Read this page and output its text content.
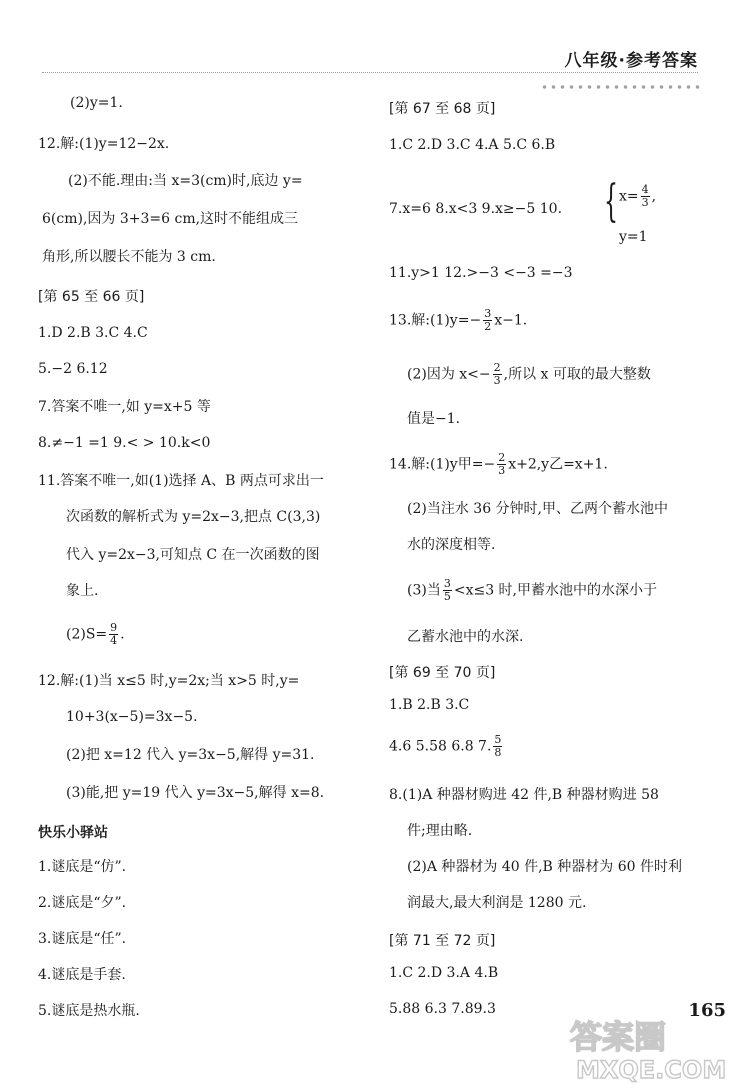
八年级·参考答案
(2)y=1.
12.解:(1)y=12−2x.
(2)不能.理由:当 x=3(cm)时,底边 y=
6(cm),因为 3+3=6 cm,这时不能组成三
角形,所以腰长不能为 3 cm.
[第 65 至 66 页]
1.D 2.B 3.C 4.C
5.−2 6.12
7.答案不唯一,如 y=x+5 等
8.≠−1 =1 9.< > 10.k<0
11.答案不唯一,如(1)选择 A、B 两点可求出一
次函数的解析式为 y=2x−3,把点 C(3,3)
代入 y=2x−3,可知点 C 在一次函数的图
象上.
$(2)S= \frac{9}{4}$ .
12.解:(1)当 x≤5 时,y=2x;当 x>5 时,y=
10+3(x−5)=3x−5.
(2)把 x=12 代入 y=3x−5,解得 y=31.
(3)能,把 y=19 代入 y=3x−5,解得 x=8.
快乐小驿站
1.谜底是“仿”.
2.谜底是“夕”.
3.谜底是“任”.
4.谜底是手套.
5.谜底是热水瓶.
[第 67 至 68 页]
1.C 2.D 3.C 4.A 5.C 6.B
7.x=6 8.x<3 9.x≥−5 10. { $x= \frac{4}{3}$ ,
y=1
11.y>1 12.>−3 <−3 =−3
13.解:(1)y=− $\frac{3}{2} x-1$.
(2)因为 $x<- \frac{2}{3}$ ,所以 x 可取的最大整数
值是−1.
14.解:(1)y甲=− $\frac{2}{3} x+2,y$乙=x+1.
(2)当注水 36 分钟时,甲、乙两个蓄水池中
水的深度相等.
(3)当 $\frac{3}{5} <x\le 3$ 时,甲蓄水池中的水深小于
乙蓄水池中的水深.
[第 69 至 70 页]
1.B 2.B 3.C
4.6 5.58 6.8 7. $\frac{5}{8}$
8.(1)A 种器材购进 42 件,B 种器材购进 58
件;理由略.
(2)A 种器材为 40 件,B 种器材为 60 件时利
润最大,最大利润是 1280 元.
[第 71 至 72 页]
1.C 2.D 3.A 4.B
5.88 6.3 7.89.3	165
答案圈
MXQE.COM
